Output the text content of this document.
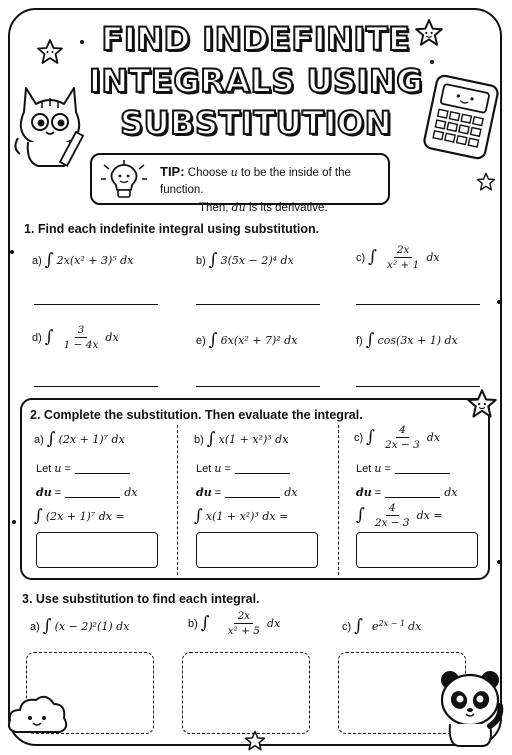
FIND INDEFINITE
INTEGRALS USING
SUBSTITUTION
TIP: Choose u to be the inside of the function.
Then, du is its derivative.
1. Find each indefinite integral using substitution.
a) ∫ 2x(x² + 3)⁵ dx	b) ∫ 3(5x − 2)⁴ dx	c) ∫ $\frac{2x}{\text{x² + 1}}$ dx
d) ∫ $\frac{3}{1 - 4x}$ dx	e) ∫ 6x(x² + 7)² dx	f) ∫ cos(3x + 1) dx
2. Complete the substitution. Then evaluate the integral.
a) ∫ (2x + 1)⁷ dx
Let
u
=
du
=	dx
∫ (2x + 1)⁷ dx =
b) ∫ x(1 + x²)³ dx
Let
u
=
du
=	dx
∫ x(1 + x²)³ dx =
c) ∫ $\frac{4}{2x - 3}$ dx
Let
u
=
du
=	dx
∫ $\frac{4}{2x - 3}$ dx =
3. Use substitution to find each integral.
a) ∫ (x − 2)²(1) dx	b) ∫ $\frac{2x}{\text{x² + 5}}$ dx	c) ∫ $e^{2x - 1}$
dx
